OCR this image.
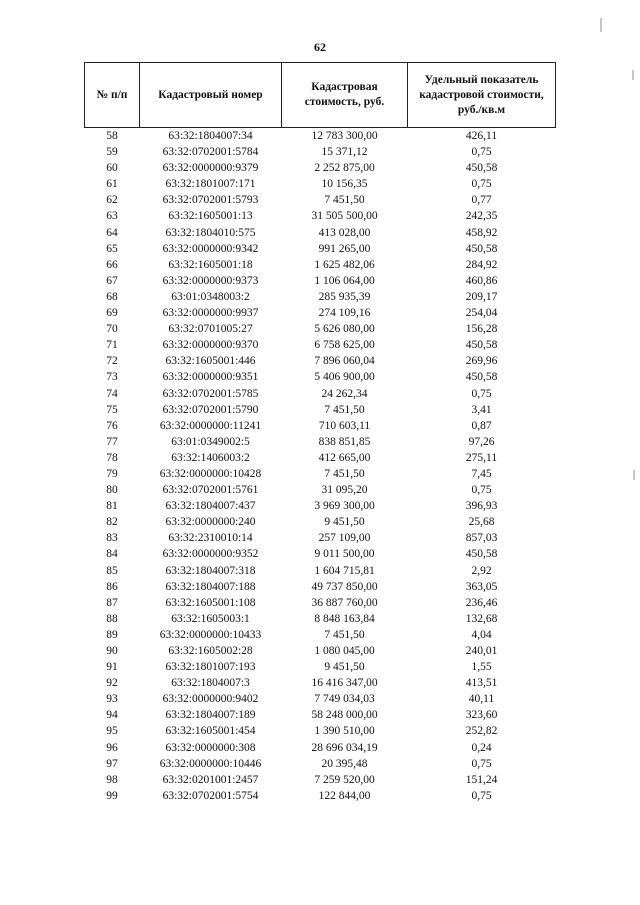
62
№ п/п	Кадастровый номер	Кадастровая стоимость, руб.	Удельный показатель кадастровой стоимости, руб./кв.м
58	63:32:1804007:34	12 783 300,00	426,11
59	63:32:0702001:5784	15 371,12	0,75
60	63:32:0000000:9379	2 252 875,00	450,58
61	63:32:1801007:171	10 156,35	0,75
62	63:32:0702001:5793	7 451,50	0,77
63	63:32:1605001:13	31 505 500,00	242,35
64	63:32:1804010:575	413 028,00	458,92
65	63:32:0000000:9342	991 265,00	450,58
66	63:32:1605001:18	1 625 482,06	284,92
67	63:32:0000000:9373	1 106 064,00	460,86
68	63:01:0348003:2	285 935,39	209,17
69	63:32:0000000:9937	274 109,16	254,04
70	63:32:0701005:27	5 626 080,00	156,28
71	63:32:0000000:9370	6 758 625,00	450,58
72	63:32:1605001:446	7 896 060,04	269,96
73	63:32:0000000:9351	5 406 900,00	450,58
74	63:32:0702001:5785	24 262,34	0,75
75	63:32:0702001:5790	7 451,50	3,41
76	63:32:0000000:11241	710 603,11	0,87
77	63:01:0349002:5	838 851,85	97,26
78	63:32:1406003:2	412 665,00	275,11
79	63:32:0000000:10428	7 451,50	7,45
80	63:32:0702001:5761	31 095,20	0,75
81	63:32:1804007:437	3 969 300,00	396,93
82	63:32:0000000:240	9 451,50	25,68
83	63:32:2310010:14	257 109,00	857,03
84	63:32:0000000:9352	9 011 500,00	450,58
85	63:32:1804007:318	1 604 715,81	2,92
86	63:32:1804007:188	49 737 850,00	363,05
87	63:32:1605001:108	36 887 760,00	236,46
88	63:32:1605003:1	8 848 163,84	132,68
89	63:32:0000000:10433	7 451,50	4,04
90	63:32:1605002:28	1 080 045,00	240,01
91	63:32:1801007:193	9 451,50	1,55
92	63:32:1804007:3	16 416 347,00	413,51
93	63:32:0000000:9402	7 749 034,03	40,11
94	63:32:1804007:189	58 248 000,00	323,60
95	63:32:1605001:454	1 390 510,00	252,82
96	63:32:0000000:308	28 696 034,19	0,24
97	63:32:0000000:10446	20 395,48	0,75
98	63:32:0201001:2457	7 259 520,00	151,24
99	63:32:0702001:5754	122 844,00	0,75
